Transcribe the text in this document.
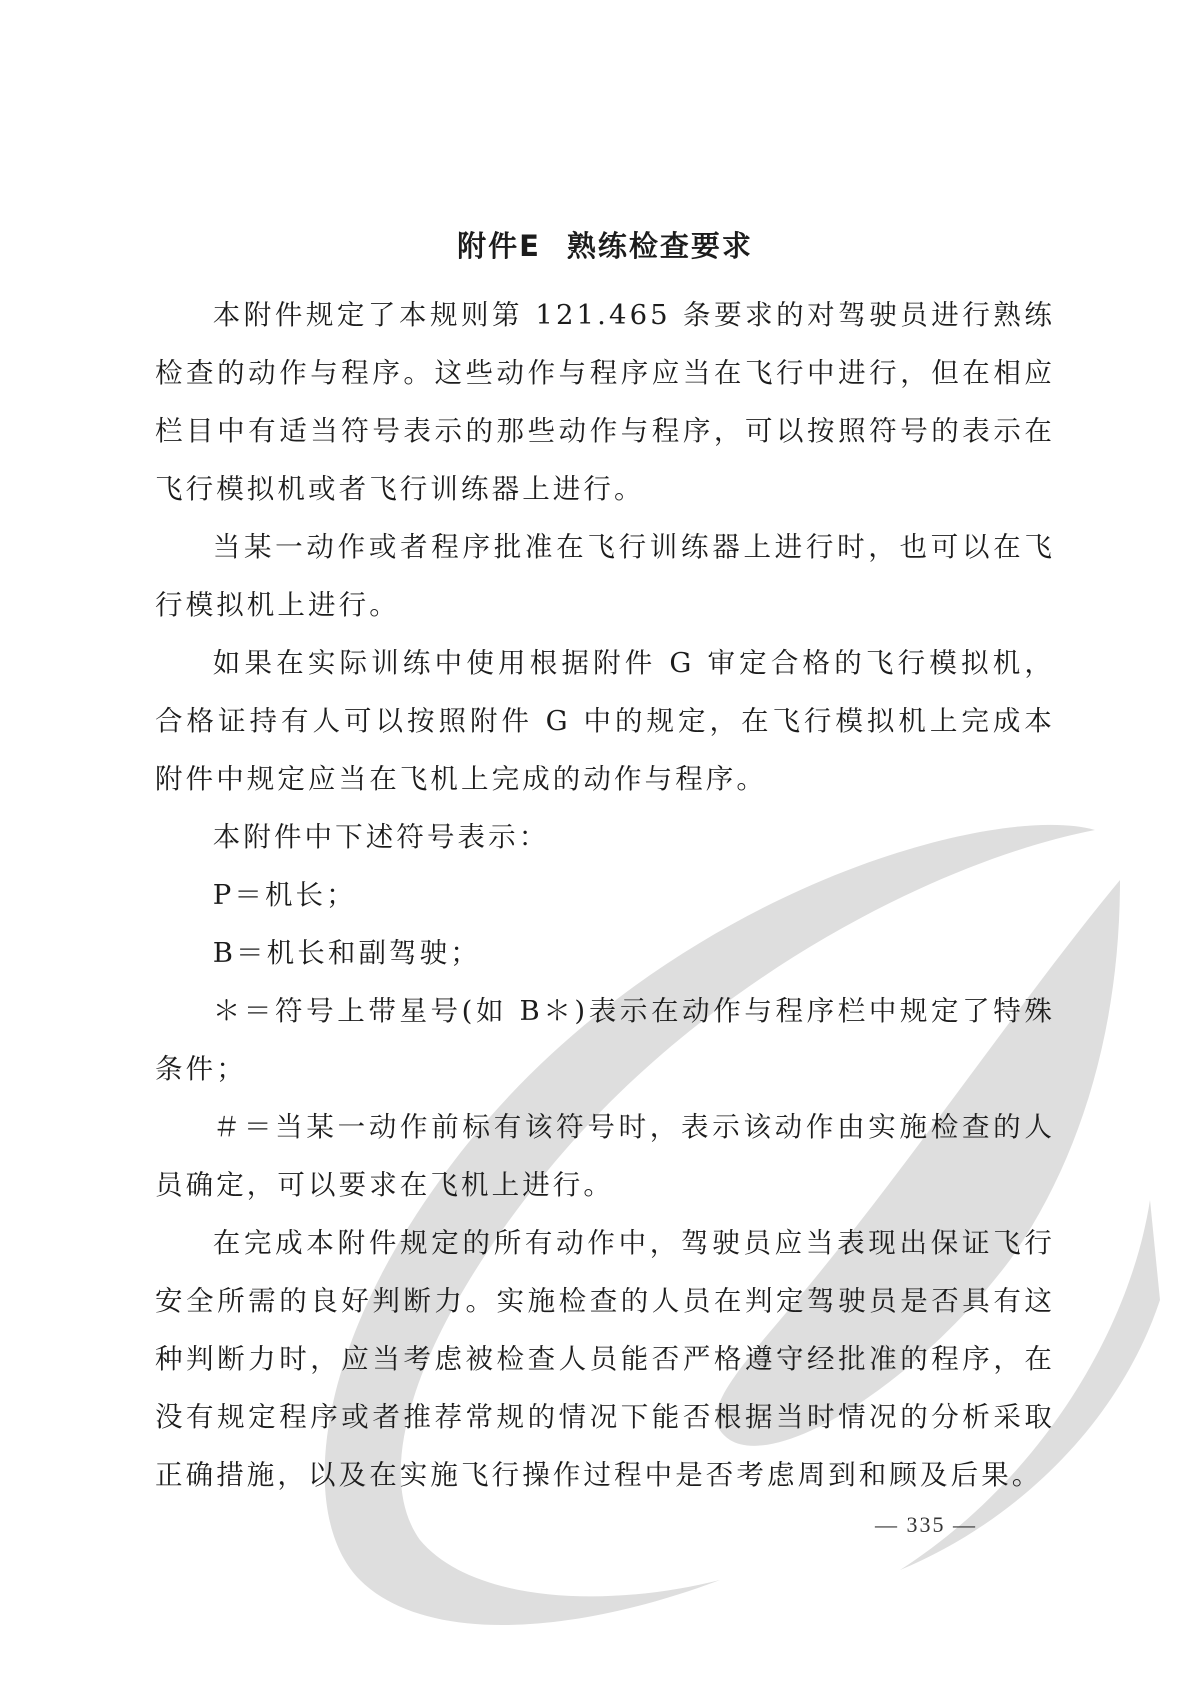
附件E 熟练检查要求

本附件规定了本规则第 121.465 条要求的对驾驶员进行熟练检查的动作与程序。这些动作与程序应当在飞行中进行，但在相应栏目中有适当符号表示的那些动作与程序，可以按照符号的表示在飞行模拟机或者飞行训练器上进行。

当某一动作或者程序批准在飞行训练器上进行时，也可以在飞行模拟机上进行。

如果在实际训练中使用根据附件 G 审定合格的飞行模拟机，合格证持有人可以按照附件 G 中的规定，在飞行模拟机上完成本附件中规定应当在飞机上完成的动作与程序。

本附件中下述符号表示：

P＝机长；

B＝机长和副驾驶；

＊＝符号上带星号(如 B＊)表示在动作与程序栏中规定了特殊条件；

＃＝当某一动作前标有该符号时，表示该动作由实施检查的人员确定，可以要求在飞机上进行。

在完成本附件规定的所有动作中，驾驶员应当表现出保证飞行安全所需的良好判断力。实施检查的人员在判定驾驶员是否具有这种判断力时，应当考虑被检查人员能否严格遵守经批准的程序，在没有规定程序或者推荐常规的情况下能否根据当时情况的分析采取正确措施，以及在实施飞行操作过程中是否考虑周到和顾及后果。

— 335 —
